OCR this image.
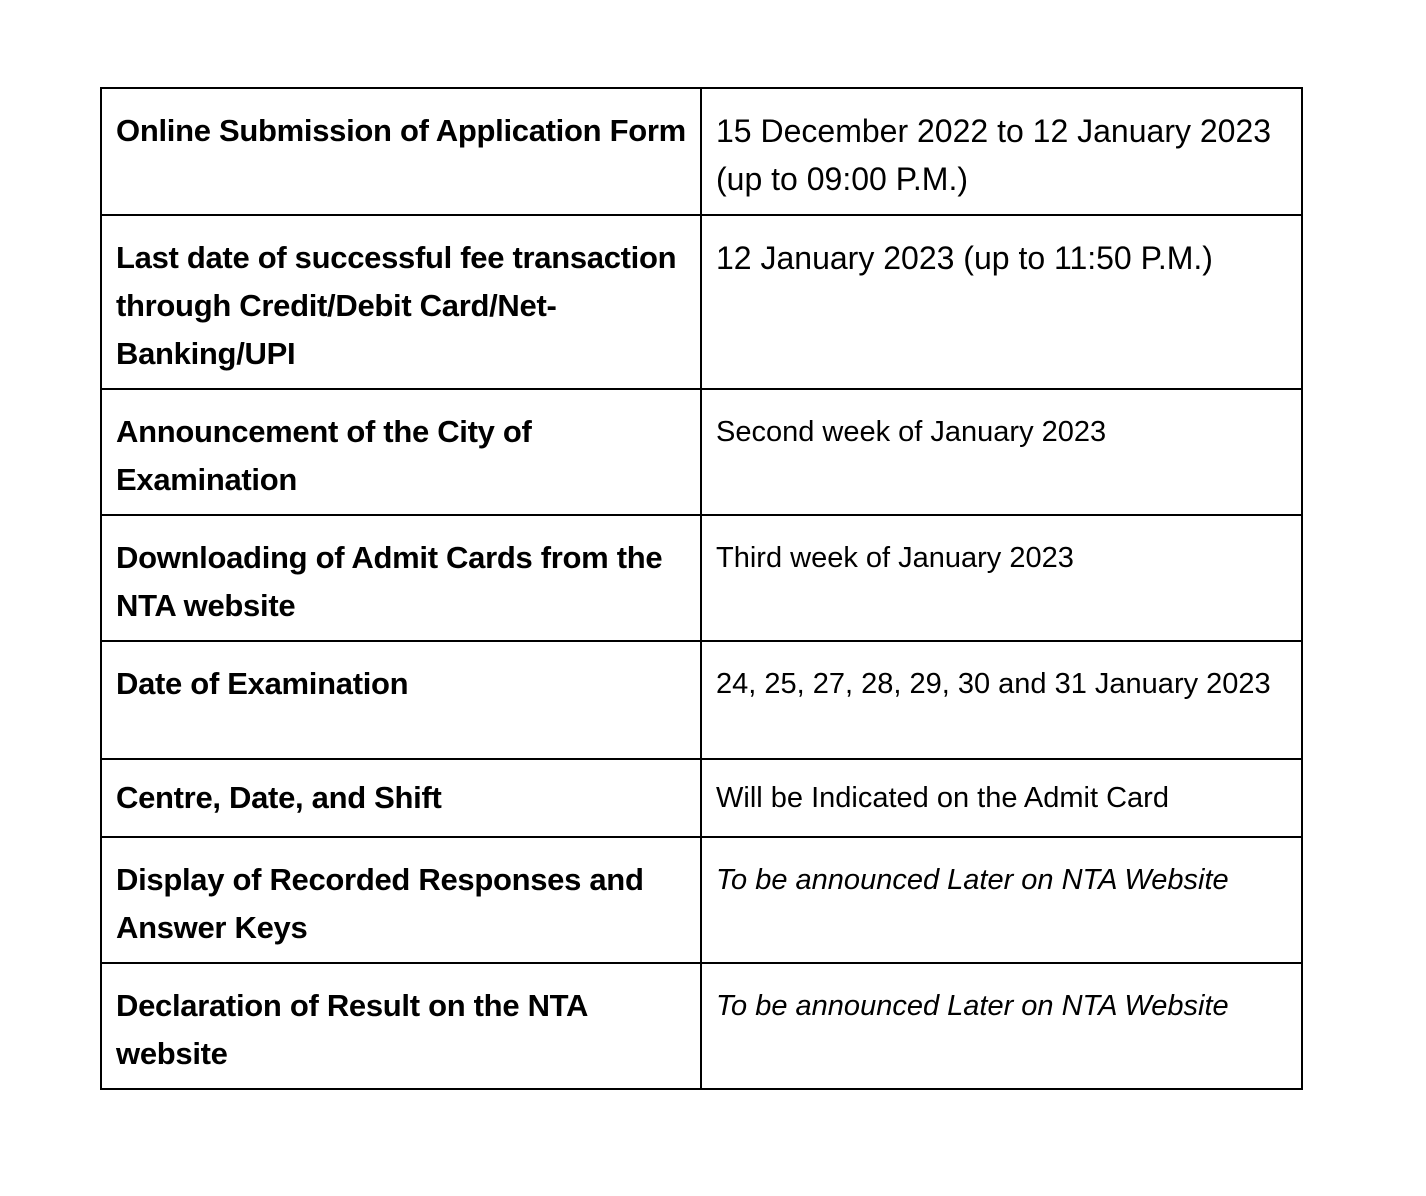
Online Submission of Application Form	15 December 2022 to 12 January 2023 (up to 09:00 P.M.)
Last date of successful fee transaction through Credit/Debit Card/Net-Banking/UPI	12 January 2023 (up to 11:50 P.M.)
Announcement of the City of Examination	Second week of January 2023
Downloading of Admit Cards from the NTA website	Third week of January 2023
Date of Examination	24, 25, 27, 28, 29, 30 and 31 January 2023
Centre, Date, and Shift	Will be Indicated on the Admit Card
Display of Recorded Responses and Answer Keys	To be announced Later on NTA Website
Declaration of Result on the NTA website	To be announced Later on NTA Website
